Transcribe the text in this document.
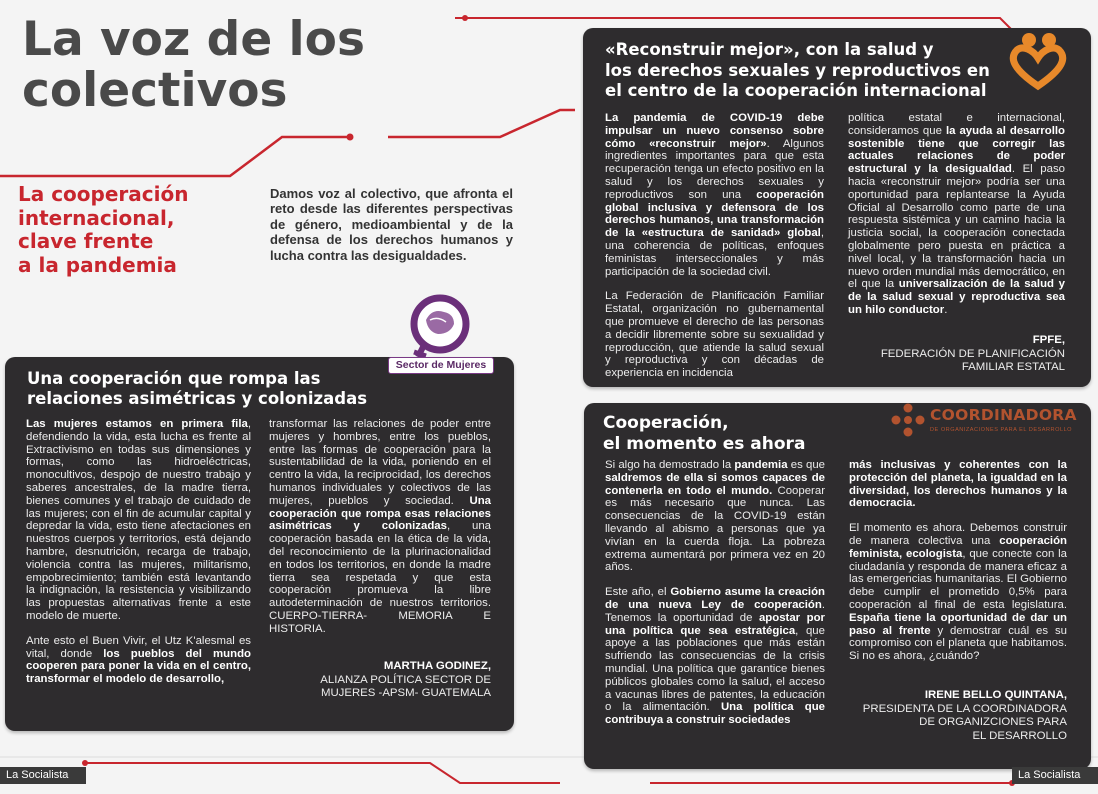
La voz de los
colectivos
La cooperación
internacional,
clave frente
a la pandemia
Damos voz al colectivo, que afronta el reto desde las diferentes perspectivas de género, medioambiental y de la defensa de los derechos humanos y lucha contra las desigualdades.
Una cooperación que rompa las
relaciones asimétricas y colonizadas

Las mujeres estamos en primera fila, defendiendo la vida, esta lucha es frente al Extractivismo en todas sus dimensiones y formas, como las hidroeléctricas, monocultivos, despojo de nuestro trabajo y saberes ancestrales, de la madre tierra, bienes comunes y el trabajo de cuidado de las mujeres; con el fin de acumular capital y depredar la vida, esto tiene afectaciones en nuestros cuerpos y territorios, está dejando hambre, desnutrición, recarga de trabajo, violencia contra las mujeres, militarismo, empobrecimiento; también está levantando la indignación, la resistencia y visibilizando las propuestas alternativas frente a este modelo de muerte.

Ante esto el Buen Vivir, el Utz K'alesmal es vital, donde los pueblos del mundo cooperen para poner la vida en el centro, transformar el modelo de desarrollo,

transformar las relaciones de poder entre mujeres y hombres, entre los pueblos, entre las formas de cooperación para la sustentabilidad de la vida, poniendo en el centro la vida, la reciprocidad, los derechos humanos individuales y colectivos de las mujeres, pueblos y sociedad. Una cooperación que rompa esas relaciones asimétricas y colonizadas, una cooperación basada en la ética de la vida, del reconocimiento de la plurinacionalidad en todos los territorios, en donde la madre tierra sea respetada y que esta cooperación promueva la libre autodeterminación de nuestros territorios. CUERPO-TIERRA- MEMORIA E HISTORIA.

MARTHA GODINEZ,
ALIANZA POLÍTICA SECTOR DE
MUJERES -APSM- GUATEMALA
Sector de Mujeres
«Reconstruir mejor», con la salud y
los derechos sexuales y reproductivos en
el centro de la cooperación internacional

La pandemia de COVID-19 debe impulsar un nuevo consenso sobre cómo «reconstruir mejor». Algunos ingredientes importantes para que esta recuperación tenga un efecto positivo en la salud y los derechos sexuales y reproductivos son una cooperación global inclusiva y defensora de los derechos humanos, una transformación de la «estructura de sanidad» global, una coherencia de políticas, enfoques feministas interseccionales y más participación de la sociedad civil.

La Federación de Planificación Familiar Estatal, organización no gubernamental que promueve el derecho de las personas a decidir libremente sobre su sexualidad y reproducción, que atiende la salud sexual y reproductiva y con décadas de experiencia en incidencia

política estatal e internacional, consideramos que la ayuda al desarrollo sostenible tiene que corregir las actuales relaciones de poder estructural y la desigualdad. El paso hacia «reconstruir mejor» podría ser una oportunidad para replantearse la Ayuda Oficial al Desarrollo como parte de una respuesta sistémica y un camino hacia la justicia social, la cooperación conectada globalmente pero puesta en práctica a nivel local, y la transformación hacia un nuevo orden mundial más democrático, en el que la universalización de la salud y de la salud sexual y reproductiva sea un hilo conductor.

FPFE,
FEDERACIÓN DE PLANIFICACIÓN
FAMILIAR ESTATAL
Cooperación,
el momento es ahora

Si algo ha demostrado la pandemia es que saldremos de ella si somos capaces de contenerla en todo el mundo. Cooperar es más necesario que nunca. Las consecuencias de la COVID-19 están llevando al abismo a personas que ya vivían en la cuerda floja. La pobreza extrema aumentará por primera vez en 20 años.

Este año, el Gobierno asume la creación de una nueva Ley de cooperación. Tenemos la oportunidad de apostar por una política que sea estratégica, que apoye a las poblaciones que más están sufriendo las consecuencias de la crisis mundial. Una política que garantice bienes públicos globales como la salud, el acceso a vacunas libres de patentes, la educación o la alimentación. Una política que contribuya a construir sociedades

más inclusivas y coherentes con la protección del planeta, la igualdad en la diversidad, los derechos humanos y la democracia.

El momento es ahora. Debemos construir de manera colectiva una cooperación feminista, ecologista, que conecte con la ciudadanía y responda de manera eficaz a las emergencias humanitarias. El Gobierno debe cumplir el prometido 0,5% para cooperación al final de esta legislatura. España tiene la oportunidad de dar un paso al frente y demostrar cuál es su compromiso con el planeta que habitamos. Si no es ahora, ¿cuándo?

IRENE BELLO QUINTANA,
PRESIDENTA DE LA COORDINADORA
DE ORGANIZCIONES PARA
EL DESARROLLO
COORDINADORA
DE ORGANIZACIONES PARA EL DESARROLLO
La Socialista	La Socialista
